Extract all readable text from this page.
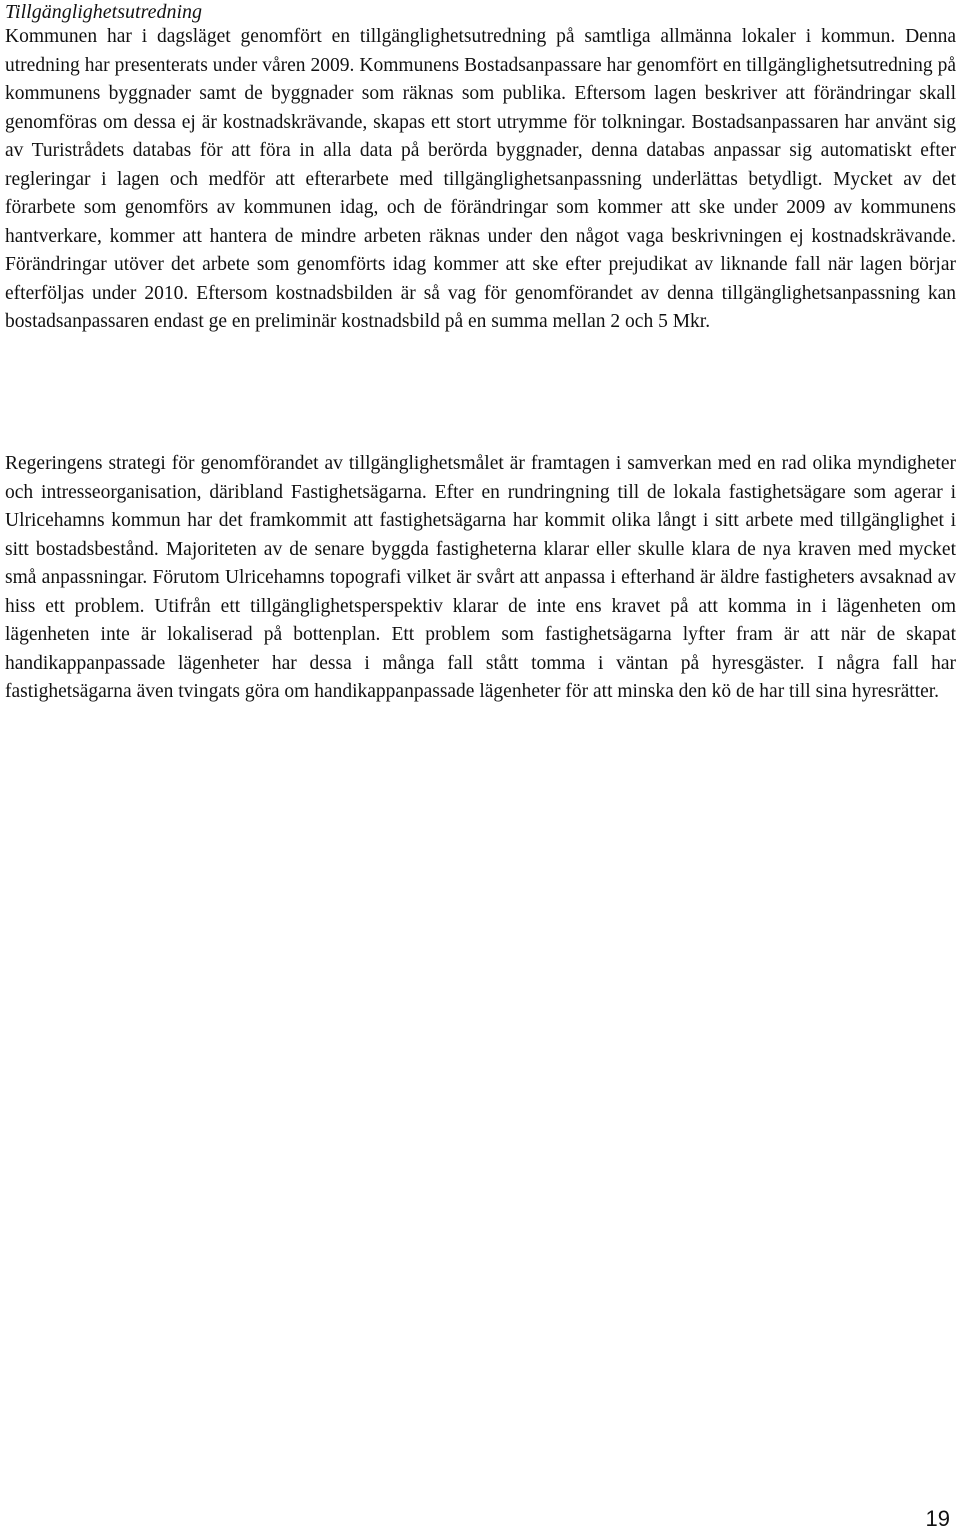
Tillgänglighetsutredning

Kommunen har i dagsläget genomfört en tillgänglighetsutredning på samtliga allmänna lokaler i kommun. Denna utredning har presenterats under våren 2009. Kommunens Bostadsanpassare har genomfört en tillgänglighetsutredning på kommunens byggnader samt de byggnader som räknas som publika. Eftersom lagen beskriver att förändringar skall genomföras om dessa ej är kostnadskrävande, skapas ett stort utrymme för tolkningar. Bostadsanpassaren har använt sig av Turistrådets databas för att föra in alla data på berörda byggnader, denna databas anpassar sig automatiskt efter regleringar i lagen och medför att efterarbete med tillgänglighetsanpassning underlättas betydligt. Mycket av det förarbete som genomförs av kommunen idag, och de förändringar som kommer att ske under 2009 av kommunens hantverkare, kommer att hantera de mindre arbeten räknas under den något vaga beskrivningen ej kostnadskrävande. Förändringar utöver det arbete som genomförts idag kommer att ske efter prejudikat av liknande fall när lagen börjar efterföljas under 2010. Eftersom kostnadsbilden är så vag för genomförandet av denna tillgänglighetsanpassning kan bostadsanpassaren endast ge en preliminär kostnadsbild på en summa mellan 2 och 5 Mkr.

Regeringens strategi för genomförandet av tillgänglighetsmålet är framtagen i samverkan med en rad olika myndigheter och intresseorganisation, däribland Fastighetsägarna. Efter en rundringning till de lokala fastighetsägare som agerar i Ulricehamns kommun har det framkommit att fastighetsägarna har kommit olika långt i sitt arbete med tillgänglighet i sitt bostadsbestånd. Majoriteten av de senare byggda fastigheterna klarar eller skulle klara de nya kraven med mycket små anpassningar. Förutom Ulricehamns topografi vilket är svårt att anpassa i efterhand är äldre fastigheters avsaknad av hiss ett problem. Utifrån ett tillgänglighetsperspektiv klarar de inte ens kravet på att komma in i lägenheten om lägenheten inte är lokaliserad på bottenplan. Ett problem som fastighetsägarna lyfter fram är att när de skapat handikappanpassade lägenheter har dessa i många fall stått tomma i väntan på hyresgäster. I några fall har fastighetsägarna även tvingats göra om handikappanpassade lägenheter för att minska den kö de har till sina hyresrätter.

19
